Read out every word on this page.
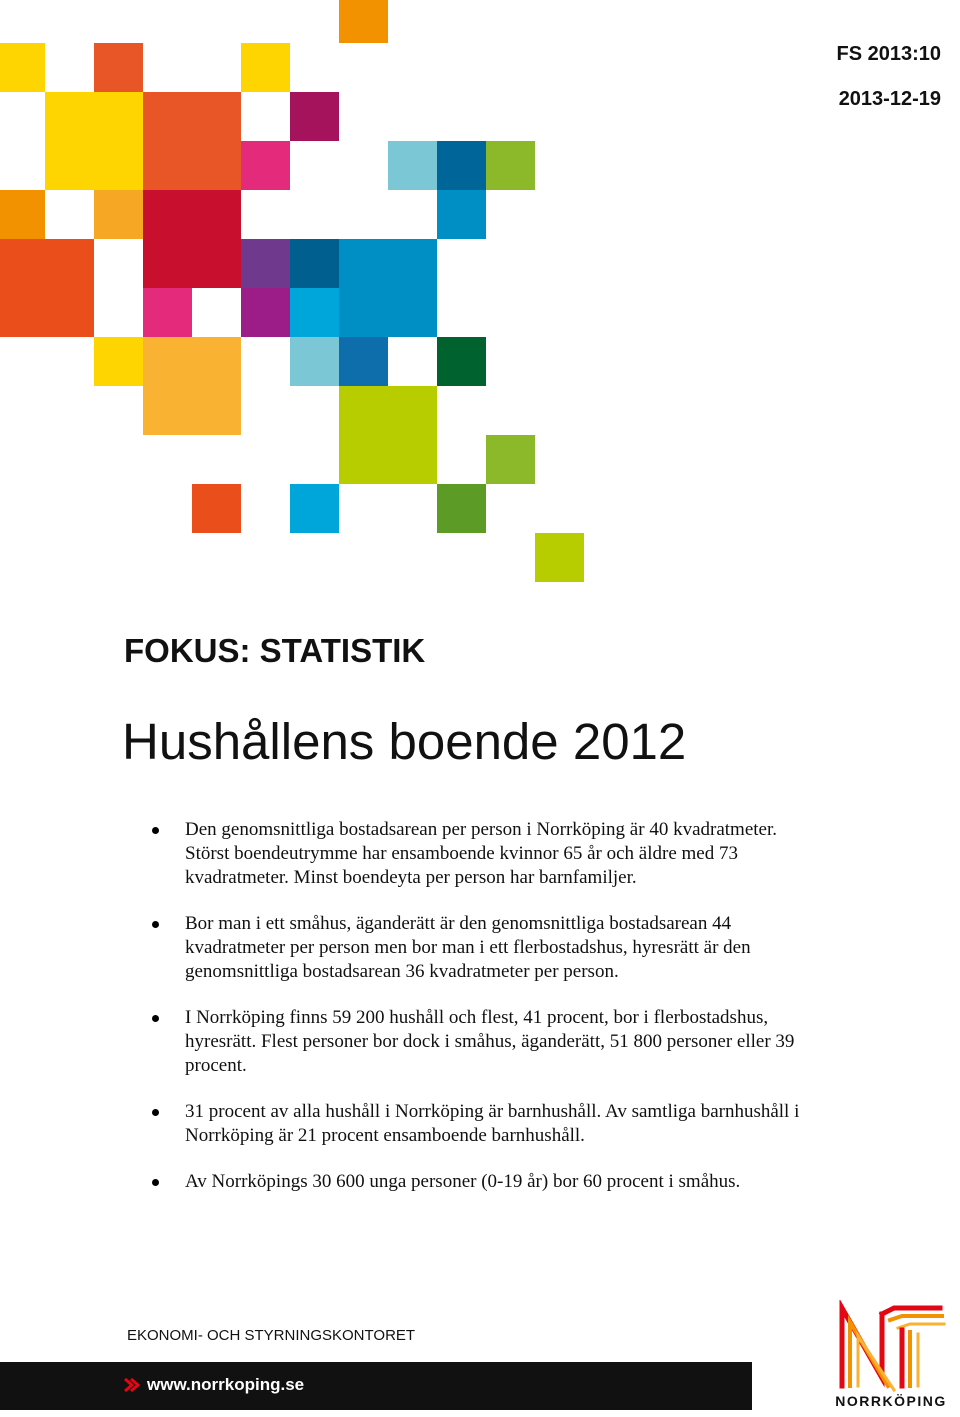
FS 2013:10
2013-12-19
FOKUS: STATISTIK
Hushållens boende 2012
Den genomsnittliga bostadsarean per person i Norrköping är 40 kvadratmeter. Störst boendeutrymme har ensamboende kvinnor 65 år och äldre med 73 kvadratmeter. Minst boendeyta per person har barnfamiljer.
Bor man i ett småhus, äganderätt är den genomsnittliga bostadsarean 44 kvadratmeter per person men bor man i ett flerbostadshus, hyresrätt är den genomsnittliga bostadsarean 36 kvadratmeter per person.
I Norrköping finns 59 200 hushåll och flest, 41 procent, bor i flerbostadshus, hyresrätt. Flest personer bor dock i småhus, äganderätt, 51 800 personer eller 39 procent.
31 procent av alla hushåll i Norrköping är barnhushåll. Av samtliga barnhushåll i Norrköping är 21 procent ensamboende barnhushåll.
Av Norrköpings 30 600 unga personer (0-19 år) bor 60 procent i småhus.
EKONOMI- OCH STYRNINGSKONTORET
www.norrkoping.se
NORRKÖPING
